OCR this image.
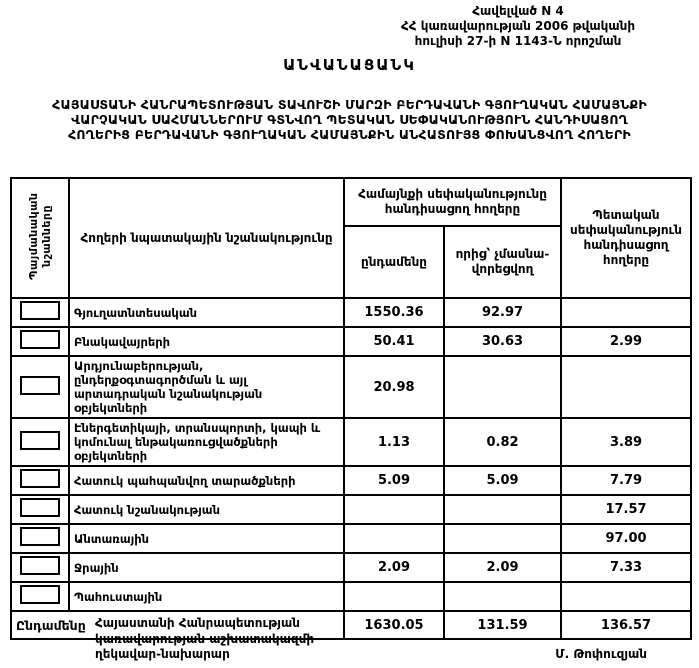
Հավելված N 4
ՀՀ կառավարության 2006 թվականի
հուլիսի 27-ի N 1143-Ն որոշման
ԱՆՎԱՆԱՑԱՆԿ
ՀԱՅԱՍՏԱՆԻ ՀԱՆՐԱՊԵՏՈՒԹՅԱՆ ՏԱՎՈՒՇԻ ՄԱՐԶԻ ԲԵՐԴԱՎԱՆԻ ԳՅՈՒՂԱԿԱՆ ՀԱՄԱՅՆՔԻ
ՎԱՐՉԱԿԱՆ ՍԱՀՄԱՆՆԵՐՈՒՄ ԳՏՆՎՈՂ ՊԵՏԱԿԱՆ ՍԵՓԱԿԱՆՈՒԹՅՈՒՆ ՀԱՆԴԻՍԱՑՈՂ
ՀՈՂԵՐԻՑ ԲԵՐԴԱՎԱՆԻ ԳՅՈՒՂԱԿԱՆ ՀԱՄԱՅՆՔԻՆ ԱՆՀԱՏՈՒՅՑ ՓՈԽԱՆՑՎՈՂ ՀՈՂԵՐԻ
Պայմանական նշանները	Հողերի նպատակային նշանակությունը	Համայնքի սեփականությունը հանդիսացող հողերը		Պետական սեփականություն հանդիսացող հողերը
		ընդամենը	որից՝ չմասնա-վորեցվող	
	Գյուղատնտեսական	1550.36	92.97	
	Բնակավայրերի	50.41	30.63	2.99
	Արդյունաբերության, ընդերքօգտագործման և այլ արտադրական նշանակության օբյեկտների	20.98		
	Էներգետիկայի, տրանսպորտի, կապի և կոմունալ ենթակառուցվածքների օբյեկտների	1.13	0.82	3.89
	Հատուկ պահպանվող տարածքների	5.09	5.09	7.79
	Հատուկ նշանակության			17.57
	Անտառային			97.00
	Ջրային	2.09	2.09	7.33
	Պահուստային			
Ընդամենը		1630.05	131.59	136.57
Հայաստանի Հանրապետության
կառավարության աշխատակազմի
ղեկավար-նախարար	Մ. Թոփուզյան
